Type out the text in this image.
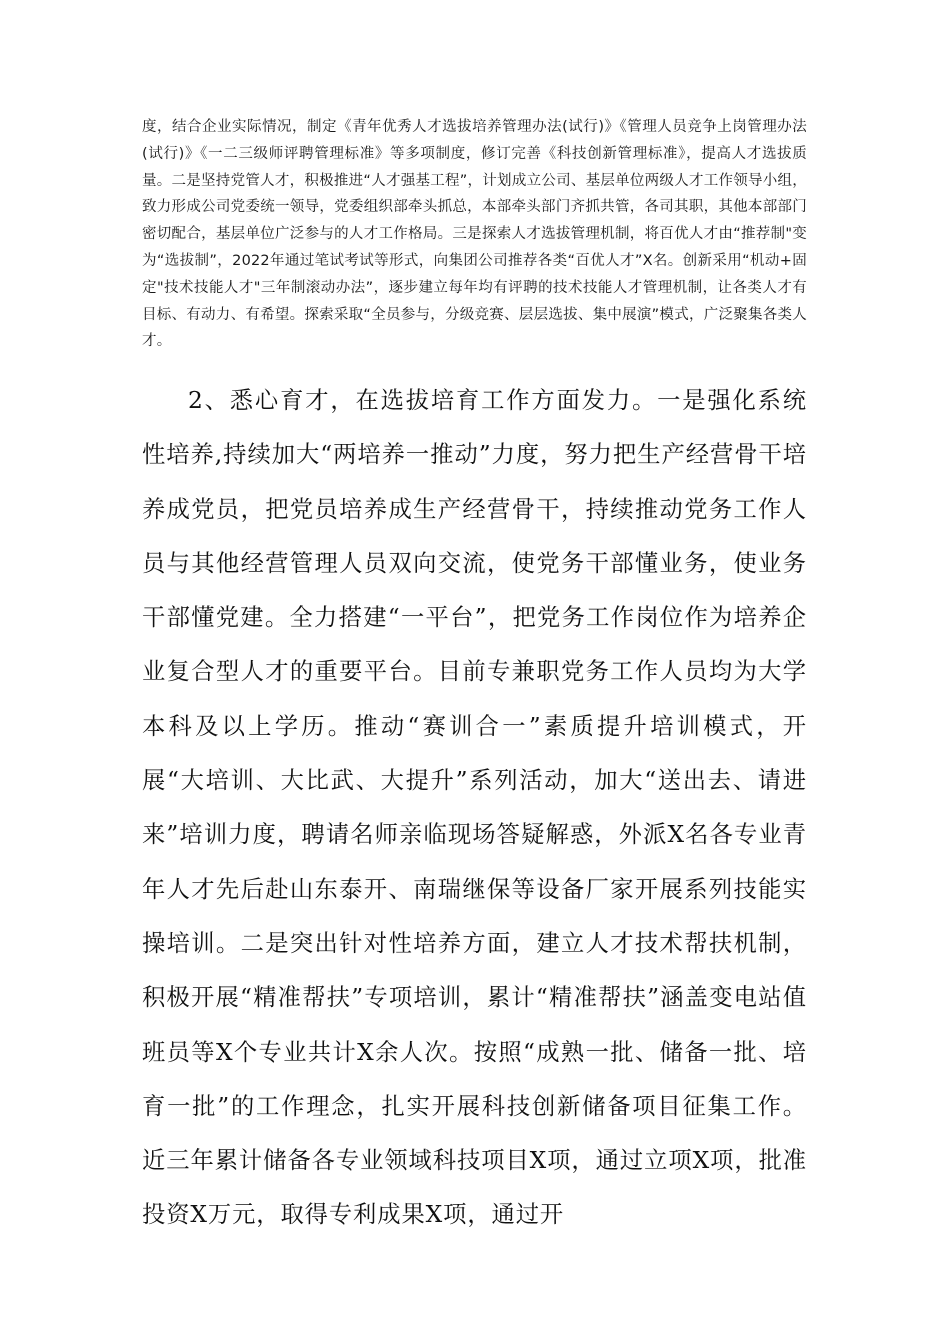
度，结合企业实际情况，制定《青年优秀人才选拔培养管理办法(试行)》《管理人员竞争上岗管理办法(试行)》《一二三级师评聘管理标准》等多项制度，修订完善《科技创新管理标准》，提高人才选拔质量。二是坚持党管人才，积极推进“人才强基工程”，计划成立公司、基层单位两级人才工作领导小组，致力形成公司党委统一领导，党委组织部牵头抓总，本部牵头部门齐抓共管，各司其职，其他本部部门密切配合，基层单位广泛参与的人才工作格局。三是探索人才选拔管理机制，将百优人才由“推荐制"变为“选拔制”，2022年通过笔试考试等形式，向集团公司推荐各类“百优人才”X名。创新采用“机动+固定"技术技能人才"三年制滚动办法”，逐步建立每年均有评聘的技术技能人才管理机制，让各类人才有目标、有动力、有希望。探索采取“全员参与，分级竞赛、层层选拔、集中展演”模式，广泛聚集各类人才。

2、悉心育才，在选拔培育工作方面发力。一是强化系统性培养,持续加大“两培养一推动”力度，努力把生产经营骨干培养成党员，把党员培养成生产经营骨干，持续推动党务工作人员与其他经营管理人员双向交流，使党务干部懂业务，使业务干部懂党建。全力搭建“一平台”，把党务工作岗位作为培养企业复合型人才的重要平台。目前专兼职党务工作人员均为大学本科及以上学历。推动“赛训合一”素质提升培训模式，开展“大培训、大比武、大提升”系列活动，加大“送出去、请进来”培训力度，聘请名师亲临现场答疑解惑，外派X名各专业青年人才先后赴山东泰开、南瑞继保等设备厂家开展系列技能实操培训。二是突出针对性培养方面，建立人才技术帮扶机制，积极开展“精准帮扶”专项培训，累计“精准帮扶”涵盖变电站值班员等X个专业共计X余人次。按照“成熟一批、储备一批、培育一批”的工作理念，扎实开展科技创新储备项目征集工作。近三年累计储备各专业领域科技项目X项，通过立项X项，批准投资X万元，取得专利成果X项，通过开
